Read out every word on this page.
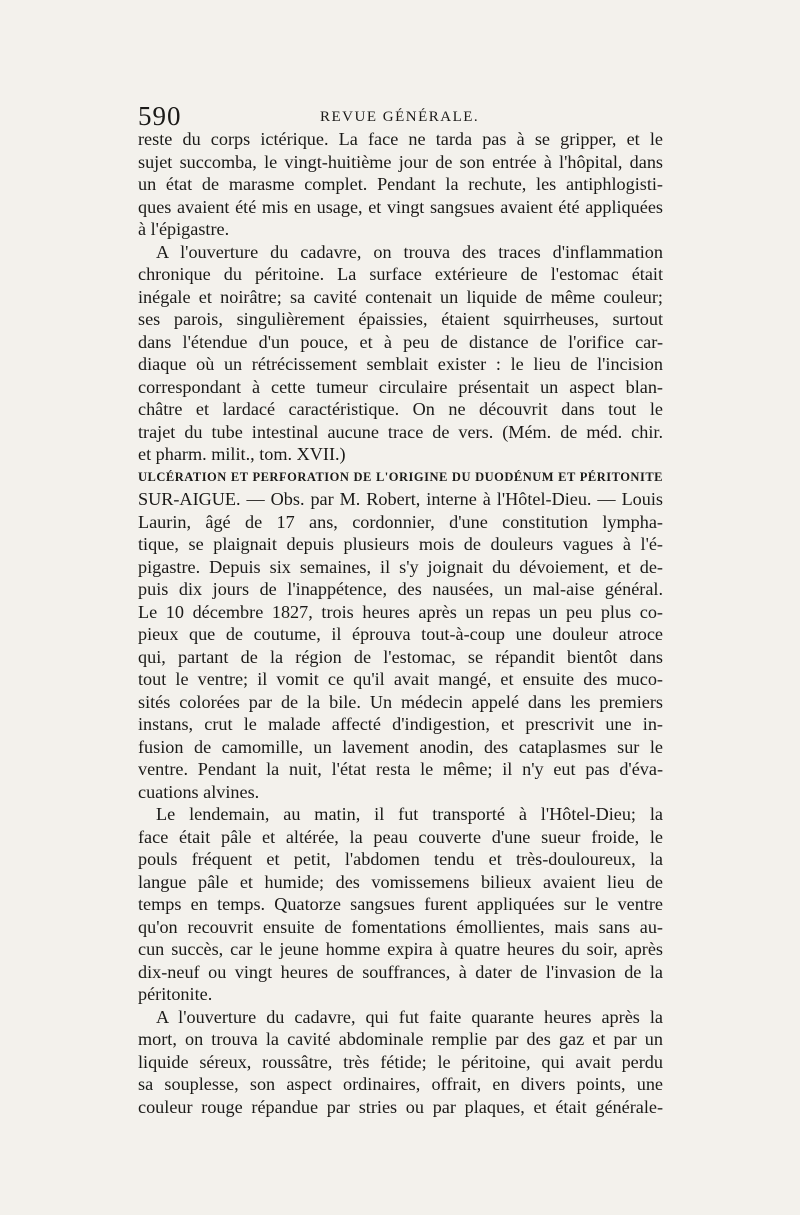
590	REVUE GÉNÉRALE.
reste du corps ictérique. La face ne tarda pas à se gripper, et le
sujet succomba, le vingt-huitième jour de son entrée à l'hôpital, dans
un état de marasme complet. Pendant la rechute, les antiphlogisti-
ques avaient été mis en usage, et vingt sangsues avaient été appliquées
à l'épigastre.
A l'ouverture du cadavre, on trouva des traces d'inflammation
chronique du péritoine. La surface extérieure de l'estomac était
inégale et noirâtre; sa cavité contenait un liquide de même couleur;
ses parois, singulièrement épaissies, étaient squirrheuses, surtout
dans l'étendue d'un pouce, et à peu de distance de l'orifice car-
diaque où un rétrécissement semblait exister : le lieu de l'incision
correspondant à cette tumeur circulaire présentait un aspect blan-
châtre et lardacé caractéristique. On ne découvrit dans tout le
trajet du tube intestinal aucune trace de vers. (Mém. de méd. chir.
et pharm. milit., tom. XVII.)
ULCÉRATION ET PERFORATION DE L'ORIGINE DU DUODÉNUM ET PÉRITONITE
SUR-AIGUE. — Obs. par M. Robert, interne à l'Hôtel-Dieu. — Louis
Laurin, âgé de 17 ans, cordonnier, d'une constitution lympha-
tique, se plaignait depuis plusieurs mois de douleurs vagues à l'é-
pigastre. Depuis six semaines, il s'y joignait du dévoiement, et de-
puis dix jours de l'inappétence, des nausées, un mal-aise général.
Le 10 décembre 1827, trois heures après un repas un peu plus co-
pieux que de coutume, il éprouva tout-à-coup une douleur atroce
qui, partant de la région de l'estomac, se répandit bientôt dans
tout le ventre; il vomit ce qu'il avait mangé, et ensuite des muco-
sités colorées par de la bile. Un médecin appelé dans les premiers
instans, crut le malade affecté d'indigestion, et prescrivit une in-
fusion de camomille, un lavement anodin, des cataplasmes sur le
ventre. Pendant la nuit, l'état resta le même; il n'y eut pas d'éva-
cuations alvines.
Le lendemain, au matin, il fut transporté à l'Hôtel-Dieu; la
face était pâle et altérée, la peau couverte d'une sueur froide, le
pouls fréquent et petit, l'abdomen tendu et très-douloureux, la
langue pâle et humide; des vomissemens bilieux avaient lieu de
temps en temps. Quatorze sangsues furent appliquées sur le ventre
qu'on recouvrit ensuite de fomentations émollientes, mais sans au-
cun succès, car le jeune homme expira à quatre heures du soir, après
dix-neuf ou vingt heures de souffrances, à dater de l'invasion de la
péritonite.
A l'ouverture du cadavre, qui fut faite quarante heures après la
mort, on trouva la cavité abdominale remplie par des gaz et par un
liquide séreux, roussâtre, très fétide; le péritoine, qui avait perdu
sa souplesse, son aspect ordinaires, offrait, en divers points, une
couleur rouge répandue par stries ou par plaques, et était générale-
